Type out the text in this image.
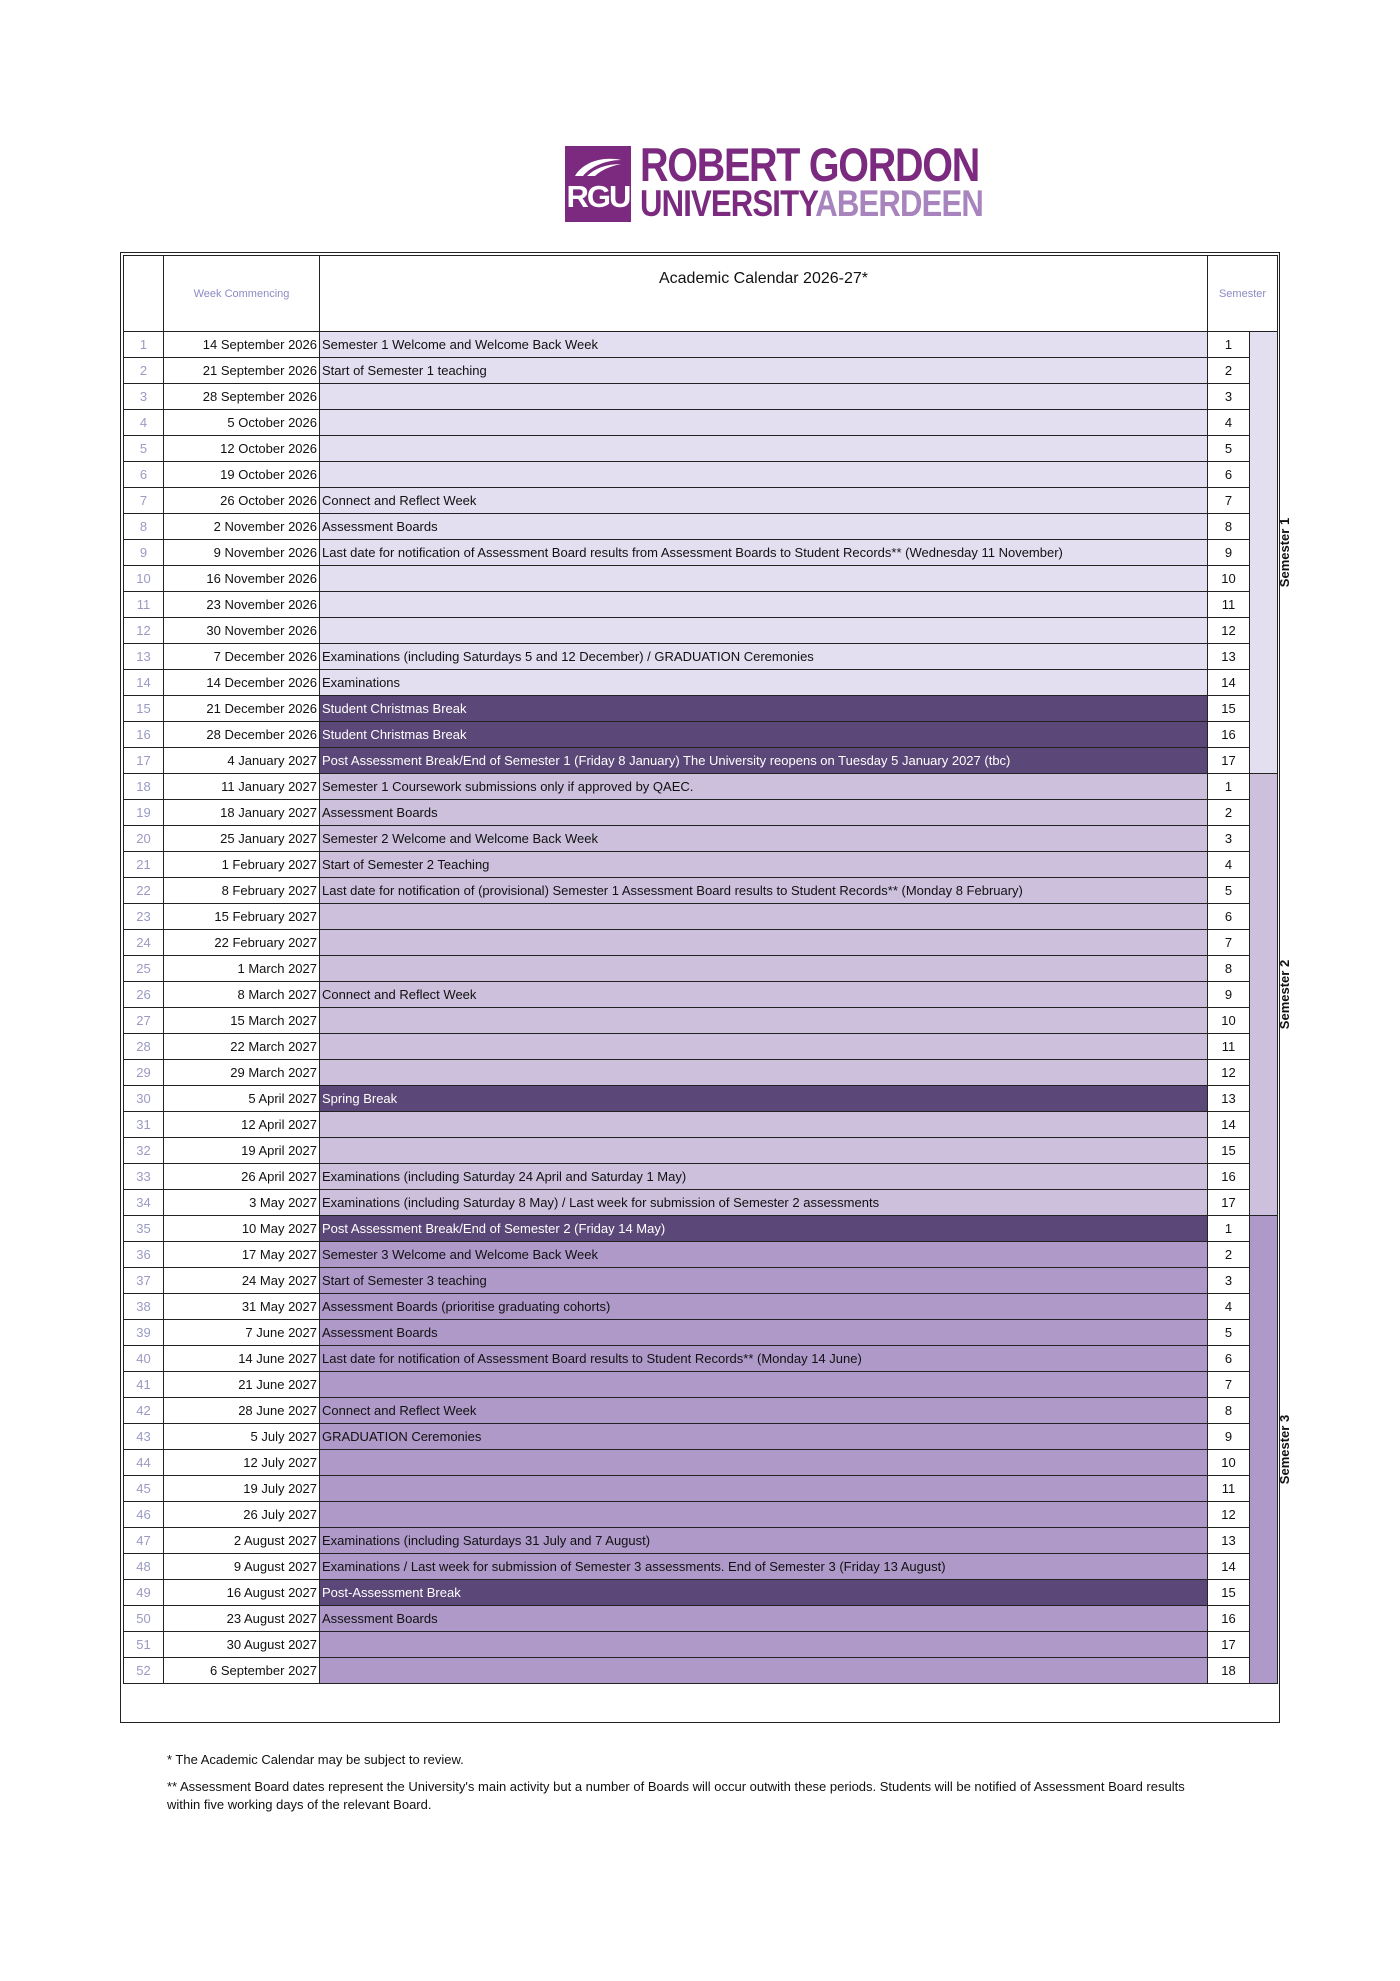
RGU
ROBERT GORDON
UNIVERSITYABERDEEN
	Week Commencing	Academic Calendar 2026-27*	Semester	
1	14 September 2026	Semester 1 Welcome and Welcome Back Week	1	Semester 1
2	21 September 2026	Start of Semester 1 teaching	2	
3	28 September 2026		3	
4	5 October 2026		4	
5	12 October 2026		5	
6	19 October 2026		6	
7	26 October 2026	Connect and Reflect Week	7	
8	2 November 2026	Assessment Boards	8	
9	9 November 2026	Last date for notification of Assessment Board results from Assessment Boards to Student Records** (Wednesday 11 November)	9	
10	16 November 2026		10	
11	23 November 2026		11	
12	30 November 2026		12	
13	7 December 2026	Examinations (including Saturdays 5 and 12 December) / GRADUATION Ceremonies	13	
14	14 December 2026	Examinations	14	
15	21 December 2026	Student Christmas Break	15	
16	28 December 2026	Student Christmas Break	16	
17	4 January 2027	Post Assessment Break/End of Semester 1 (Friday 8 January) The University reopens on Tuesday 5 January 2027 (tbc)	17	
18	11 January 2027	Semester 1 Coursework submissions only if approved by QAEC.	1	Semester 2
19	18 January 2027	Assessment Boards	2	
20	25 January 2027	Semester 2 Welcome and Welcome Back Week	3	
21	1 February 2027	Start of Semester 2 Teaching	4	
22	8 February 2027	Last date for notification of (provisional) Semester 1 Assessment Board results to Student Records** (Monday 8 February)	5	
23	15 February 2027		6	
24	22 February 2027		7	
25	1 March 2027		8	
26	8 March 2027	Connect and Reflect Week	9	
27	15 March 2027		10	
28	22 March 2027		11	
29	29 March 2027		12	
30	5 April 2027	Spring Break	13	
31	12 April 2027		14	
32	19 April 2027		15	
33	26 April 2027	Examinations (including Saturday 24 April and Saturday 1 May)	16	
34	3 May 2027	Examinations (including Saturday 8 May) / Last week for submission of Semester 2 assessments	17	
35	10 May 2027	Post Assessment Break/End of Semester 2 (Friday 14 May)	1	Semester 3
36	17 May 2027	Semester 3 Welcome and Welcome Back Week	2	
37	24 May 2027	Start of Semester 3 teaching	3	
38	31 May 2027	Assessment Boards (prioritise graduating cohorts)	4	
39	7 June 2027	Assessment Boards	5	
40	14 June 2027	Last date for notification of Assessment Board results to Student Records** (Monday 14 June)	6	
41	21 June 2027		7	
42	28 June 2027	Connect and Reflect Week	8	
43	5 July 2027	GRADUATION Ceremonies	9	
44	12 July 2027		10	
45	19 July 2027		11	
46	26 July 2027		12	
47	2 August 2027	Examinations (including Saturdays 31 July and 7 August)	13	
48	9 August 2027	Examinations / Last week for submission of Semester 3 assessments. End of Semester 3 (Friday 13 August)	14	
49	16 August 2027	Post-Assessment Break	15	
50	23 August 2027	Assessment Boards	16	
51	30 August 2027		17	
52	6 September 2027		18	

* The Academic Calendar may be subject to review.

** Assessment Board dates represent the University's main activity but a number of Boards will occur outwith these periods. Students will be notified of Assessment Board results within five working days of the relevant Board.
